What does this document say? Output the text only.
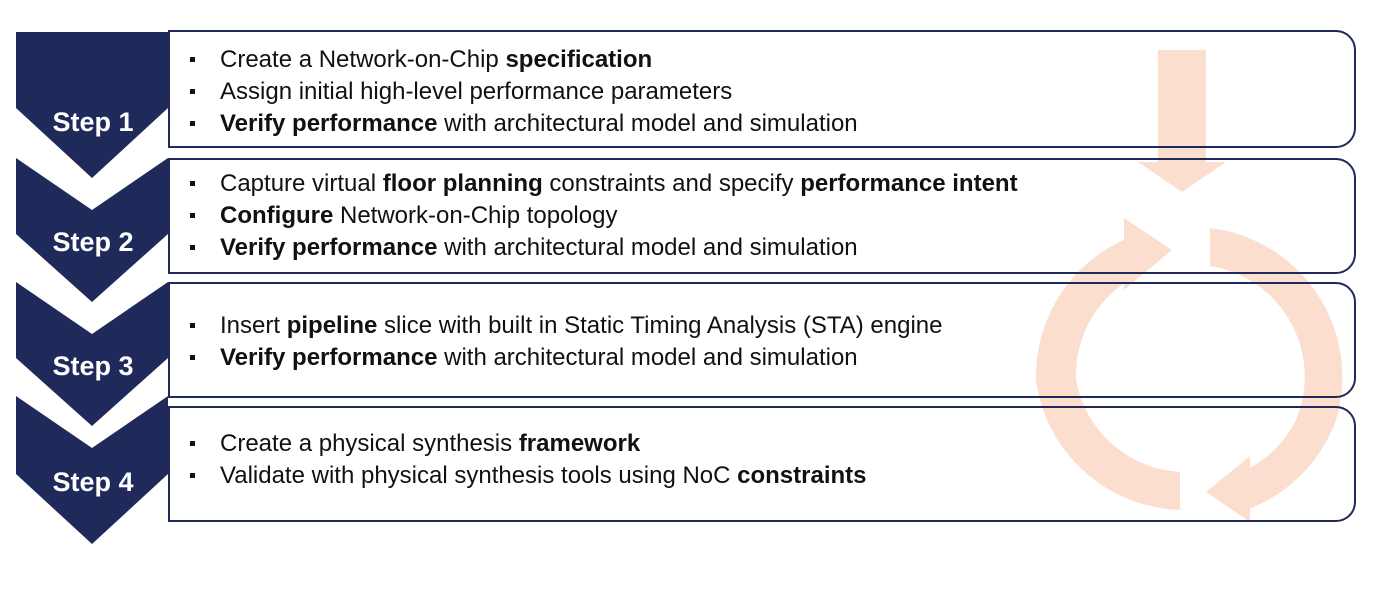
Step 1
Step 2
Step 3
Step 4
Create a Network-on-Chip specification
Assign initial high-level performance parameters
Verify performance with architectural model and simulation
Capture virtual floor planning constraints and specify performance intent
Configure Network-on-Chip topology
Verify performance with architectural model and simulation
Insert pipeline slice with built in Static Timing Analysis (STA) engine
Verify performance with architectural model and simulation
Create a physical synthesis framework
Validate with physical synthesis tools using NoC constraints
